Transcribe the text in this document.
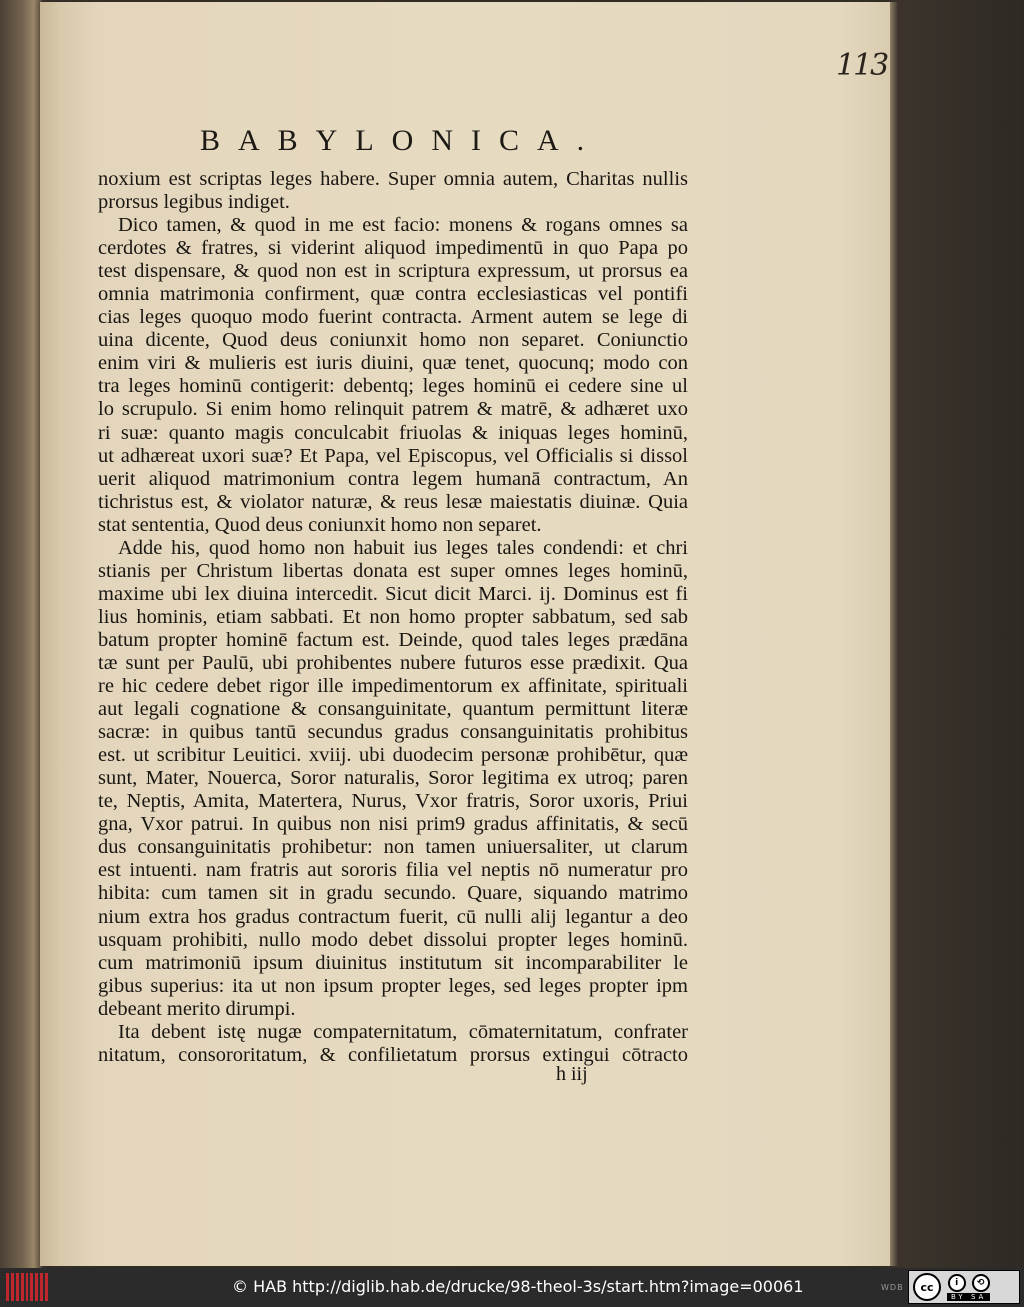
113
BABYLONICA.
noxium est scriptas leges habere. Super omnia autem, Charitas nullis
prorsus legibus indiget.
Dico tamen, & quod in me est facio: monens & rogans omnes sa
cerdotes & fratres, si viderint aliquod impedimentū in quo Papa po
test dispensare, & quod non est in scriptura expressum, ut prorsus ea
omnia matrimonia confirment, quæ contra ecclesiasticas vel pontifi
cias leges quoquo modo fuerint contracta. Arment autem se lege di
uina dicente, Quod deus coniunxit homo non separet. Coniunctio
enim viri & mulieris est iuris diuini, quæ tenet, quocunq; modo con
tra leges hominū contigerit: debentq; leges hominū ei cedere sine ul
lo scrupulo. Si enim homo relinquit patrem & matrē, & adhæret uxo
ri suæ: quanto magis conculcabit friuolas & iniquas leges hominū,
ut adhæreat uxori suæ? Et Papa, vel Episcopus, vel Officialis si dissol
uerit aliquod matrimonium contra legem humanā contractum, An
tichristus est, & violator naturæ, & reus lesæ maiestatis diuinæ. Quia
stat sententia, Quod deus coniunxit homo non separet.
Adde his, quod homo non habuit ius leges tales condendi: et chri
stianis per Christum libertas donata est super omnes leges hominū,
maxime ubi lex diuina intercedit. Sicut dicit Marci. ij. Dominus est fi
lius hominis, etiam sabbati. Et non homo propter sabbatum, sed sab
batum propter hominē factum est. Deinde, quod tales leges prædāna
tæ sunt per Paulū, ubi prohibentes nubere futuros esse prædixit. Qua
re hic cedere debet rigor ille impedimentorum ex affinitate, spirituali
aut legali cognatione & consanguinitate, quantum permittunt literæ
sacræ: in quibus tantū secundus gradus consanguinitatis prohibitus
est. ut scribitur Leuitici. xviij. ubi duodecim personæ prohibētur, quæ
sunt, Mater, Nouerca, Soror naturalis, Soror legitima ex utroq; paren
te, Neptis, Amita, Matertera, Nurus, Vxor fratris, Soror uxoris, Priui
gna, Vxor patrui. In quibus non nisi prim9 gradus affinitatis, & secū
dus consanguinitatis prohibetur: non tamen uniuersaliter, ut clarum
est intuenti. nam fratris aut sororis filia vel neptis nō numeratur pro
hibita: cum tamen sit in gradu secundo. Quare, siquando matrimo
nium extra hos gradus contractum fuerit, cū nulli alij legantur a deo
usquam prohibiti, nullo modo debet dissolui propter leges hominū.
cum matrimoniū ipsum diuinitus institutum sit incomparabiliter le
gibus superius: ita ut non ipsum propter leges, sed leges propter ipm
debeant merito dirumpi.
Ita debent istę nugæ compaternitatum, cōmaternitatum, confrater
nitatum, consororitatum, & confilietatum prorsus extingui cōtracto
h iij
© HAB http://diglib.hab.de/drucke/98-theol-3s/start.htm?image=00061	WDB	cc	i	⟲
BY SA
